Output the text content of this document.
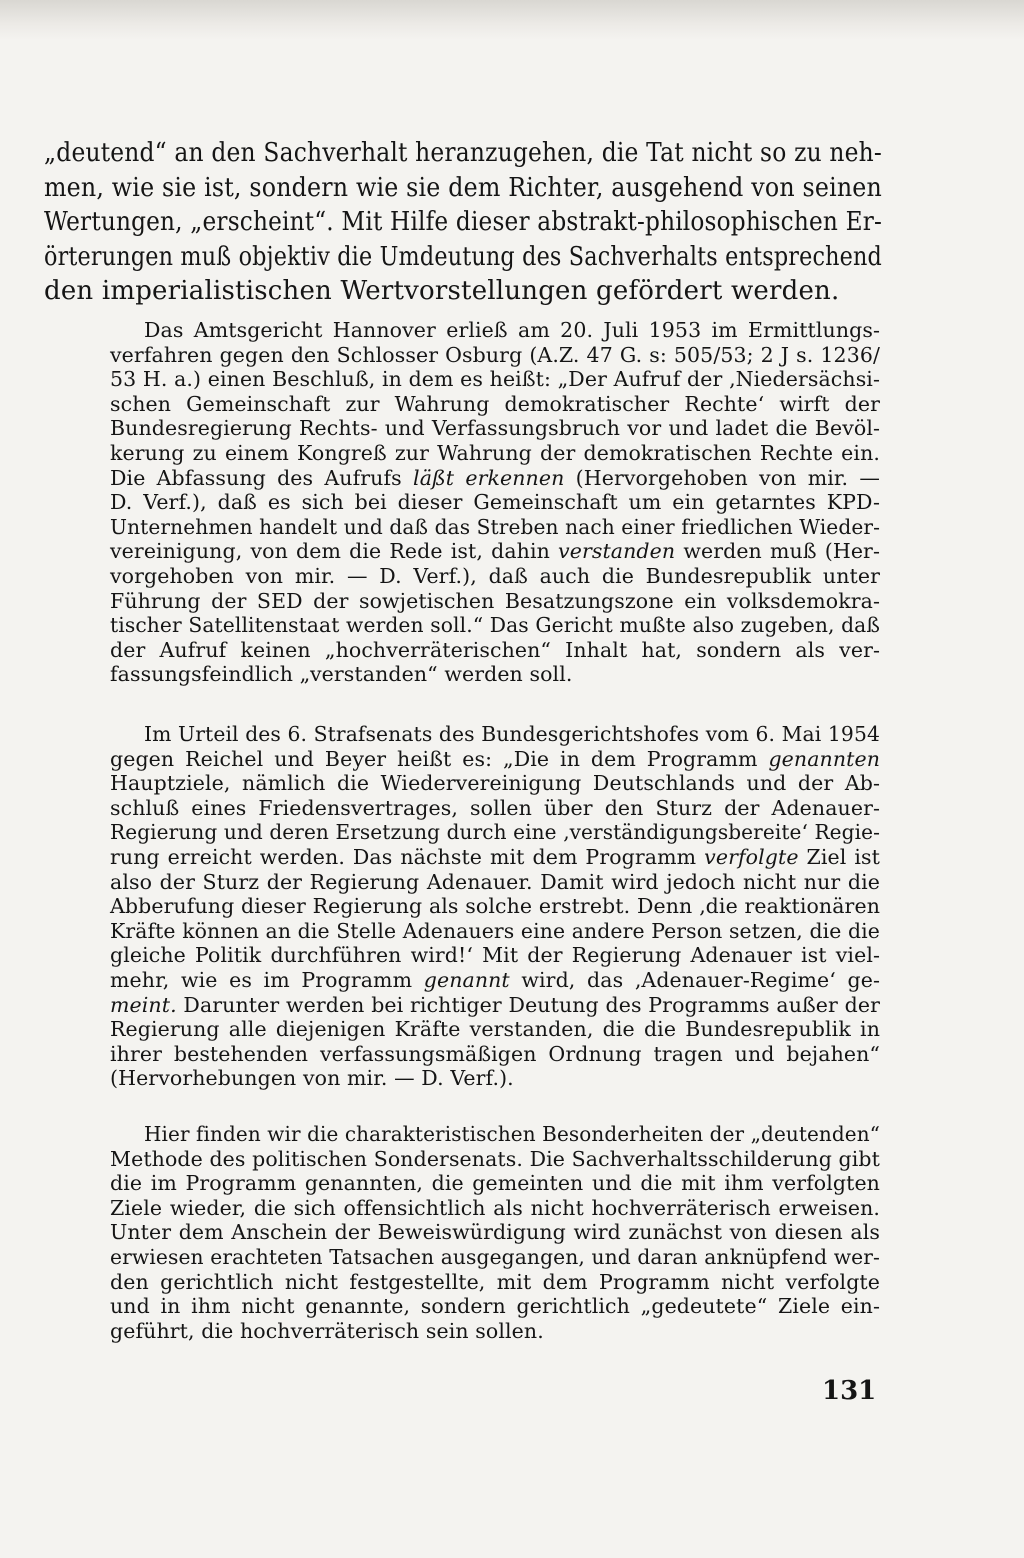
„deutend“ an den Sachverhalt heranzugehen, die Tat nicht so zu neh-
men, wie sie ist, sondern wie sie dem Richter, ausgehend von seinen
Wertungen, „erscheint“. Mit Hilfe dieser abstrakt-philosophischen Er-
örterungen muß objektiv die Umdeutung des Sachverhalts entsprechend
den imperialistischen Wertvorstellungen gefördert werden.
Das Amtsgericht Hannover erließ am 20. Juli 1953 im Ermittlungs-
verfahren gegen den Schlosser Osburg (A.Z. 47 G. s: 505/53; 2 J s. 1236/
53 H. a.) einen Beschluß, in dem es heißt: „Der Aufruf der ‚Niedersächsi-
schen Gemeinschaft zur Wahrung demokratischer Rechte‘ wirft der
Bundesregierung Rechts- und Verfassungsbruch vor und ladet die Bevöl-
kerung zu einem Kongreß zur Wahrung der demokratischen Rechte ein.
Die Abfassung des Aufrufs läßt erkennen (Hervorgehoben von mir. —
D. Verf.), daß es sich bei dieser Gemeinschaft um ein getarntes KPD-
Unternehmen handelt und daß das Streben nach einer friedlichen Wieder-
vereinigung, von dem die Rede ist, dahin verstanden werden muß (Her-
vorgehoben von mir. — D. Verf.), daß auch die Bundesrepublik unter
Führung der SED der sowjetischen Besatzungszone ein volksdemokra-
tischer Satellitenstaat werden soll.“ Das Gericht mußte also zugeben, daß
der Aufruf keinen „hochverräterischen“ Inhalt hat, sondern als ver-
fassungsfeindlich „verstanden“ werden soll.
Im Urteil des 6. Strafsenats des Bundesgerichtshofes vom 6. Mai 1954
gegen Reichel und Beyer heißt es: „Die in dem Programm genannten
Hauptziele, nämlich die Wiedervereinigung Deutschlands und der Ab-
schluß eines Friedensvertrages, sollen über den Sturz der Adenauer-
Regierung und deren Ersetzung durch eine ‚verständigungsbereite‘ Regie-
rung erreicht werden. Das nächste mit dem Programm verfolgte Ziel ist
also der Sturz der Regierung Adenauer. Damit wird jedoch nicht nur die
Abberufung dieser Regierung als solche erstrebt. Denn ‚die reaktionären
Kräfte können an die Stelle Adenauers eine andere Person setzen, die die
gleiche Politik durchführen wird!‘ Mit der Regierung Adenauer ist viel-
mehr, wie es im Programm genannt wird, das ‚Adenauer-Regime‘ ge-
meint. Darunter werden bei richtiger Deutung des Programms außer der
Regierung alle diejenigen Kräfte verstanden, die die Bundesrepublik in
ihrer bestehenden verfassungsmäßigen Ordnung tragen und bejahen“
(Hervorhebungen von mir. — D. Verf.).
Hier finden wir die charakteristischen Besonderheiten der „deutenden“
Methode des politischen Sondersenats. Die Sachverhaltsschilderung gibt
die im Programm genannten, die gemeinten und die mit ihm verfolgten
Ziele wieder, die sich offensichtlich als nicht hochverräterisch erweisen.
Unter dem Anschein der Beweiswürdigung wird zunächst von diesen als
erwiesen erachteten Tatsachen ausgegangen, und daran anknüpfend wer-
den gerichtlich nicht festgestellte, mit dem Programm nicht verfolgte
und in ihm nicht genannte, sondern gerichtlich „gedeutete“ Ziele ein-
geführt, die hochverräterisch sein sollen.
131
